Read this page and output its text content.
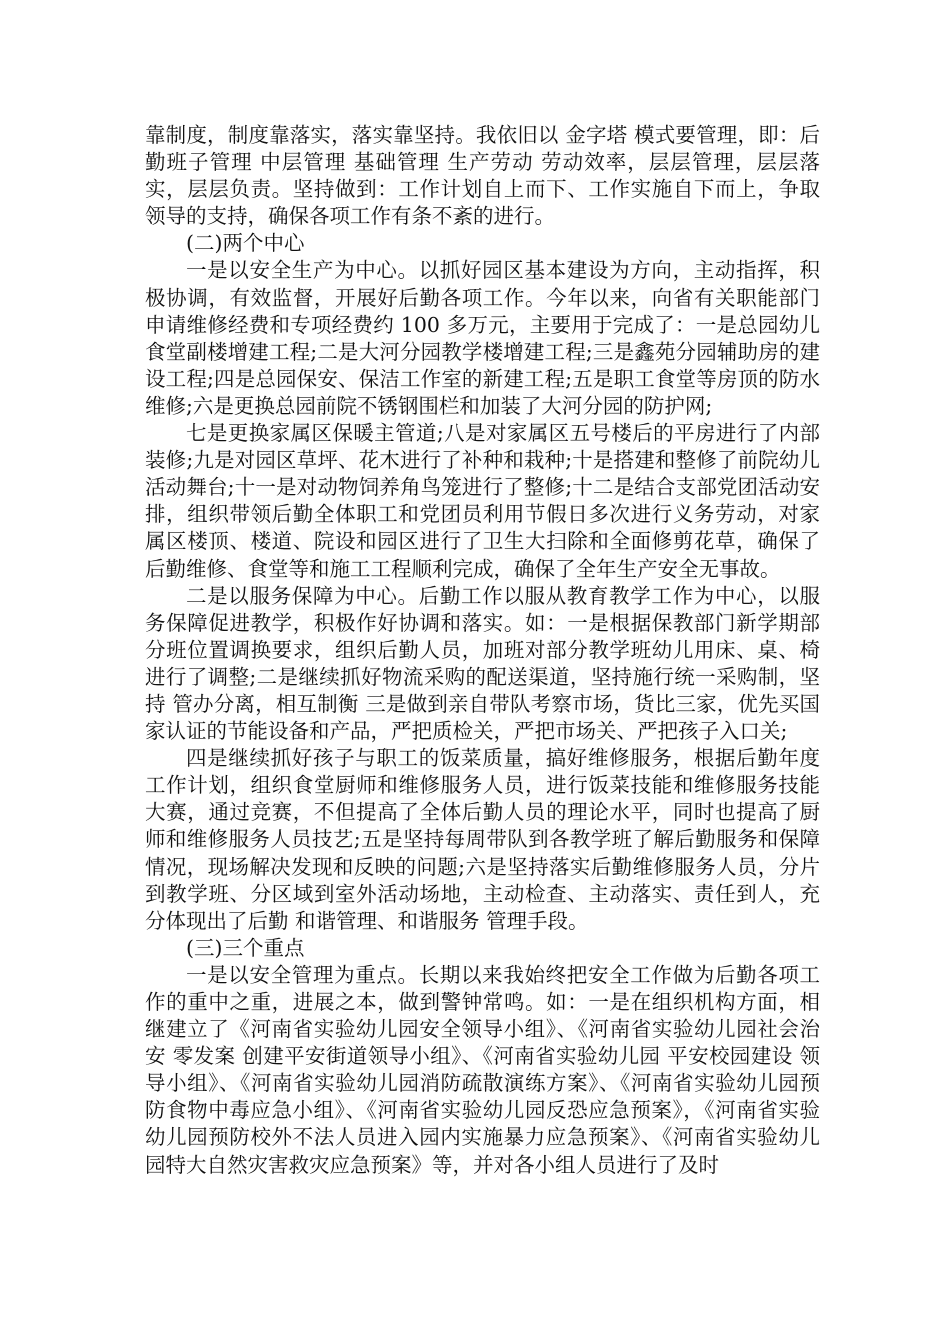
靠制度，制度靠落实，落实靠坚持。我依旧以 金字塔 模式要管理，即：后勤班子管理 中层管理 基础管理 生产劳动 劳动效率，层层管理，层层落实，层层负责。坚持做到：工作计划自上而下、工作实施自下而上，争取领导的支持，确保各项工作有条不紊的进行。

(二)两个中心

一是以安全生产为中心。以抓好园区基本建设为方向，主动指挥，积极协调，有效监督，开展好后勤各项工作。今年以来，向省有关职能部门申请维修经费和专项经费约 100 多万元，主要用于完成了：一是总园幼儿食堂副楼增建工程;二是大河分园教学楼增建工程;三是鑫苑分园辅助房的建设工程;四是总园保安、保洁工作室的新建工程;五是职工食堂等房顶的防水维修;六是更换总园前院不锈钢围栏和加装了大河分园的防护网;

七是更换家属区保暖主管道;八是对家属区五号楼后的平房进行了内部装修;九是对园区草坪、花木进行了补种和栽种;十是搭建和整修了前院幼儿活动舞台;十一是对动物饲养角鸟笼进行了整修;十二是结合支部党团活动安排，组织带领后勤全体职工和党团员利用节假日多次进行义务劳动，对家属区楼顶、楼道、院设和园区进行了卫生大扫除和全面修剪花草，确保了后勤维修、食堂等和施工工程顺利完成，确保了全年生产安全无事故。

二是以服务保障为中心。后勤工作以服从教育教学工作为中心，以服务保障促进教学，积极作好协调和落实。如：一是根据保教部门新学期部分班位置调换要求，组织后勤人员，加班对部分教学班幼儿用床、桌、椅进行了调整;二是继续抓好物流采购的配送渠道，坚持施行统一采购制，坚持 管办分离，相互制衡 三是做到亲自带队考察市场，货比三家，优先买国家认证的节能设备和产品，严把质检关，严把市场关、严把孩子入口关;

四是继续抓好孩子与职工的饭菜质量，搞好维修服务，根据后勤年度工作计划，组织食堂厨师和维修服务人员，进行饭菜技能和维修服务技能大赛，通过竞赛，不但提高了全体后勤人员的理论水平，同时也提高了厨师和维修服务人员技艺;五是坚持每周带队到各教学班了解后勤服务和保障情况，现场解决发现和反映的问题;六是坚持落实后勤维修服务人员，分片到教学班、分区域到室外活动场地，主动检查、主动落实、责任到人，充分体现出了后勤 和谐管理、和谐服务 管理手段。

(三)三个重点

一是以安全管理为重点。长期以来我始终把安全工作做为后勤各项工作的重中之重，进展之本，做到警钟常鸣。如：一是在组织机构方面，相继建立了《河南省实验幼儿园安全领导小组》、《河南省实验幼儿园社会治安 零发案 创建平安街道领导小组》、《河南省实验幼儿园 平安校园建设 领导小组》、《河南省实验幼儿园消防疏散演练方案》、《河南省实验幼儿园预防食物中毒应急小组》、《河南省实验幼儿园反恐应急预案》，《河南省实验幼儿园预防校外不法人员进入园内实施暴力应急预案》、《河南省实验幼儿园特大自然灾害救灾应急预案》等，并对各小组人员进行了及时
